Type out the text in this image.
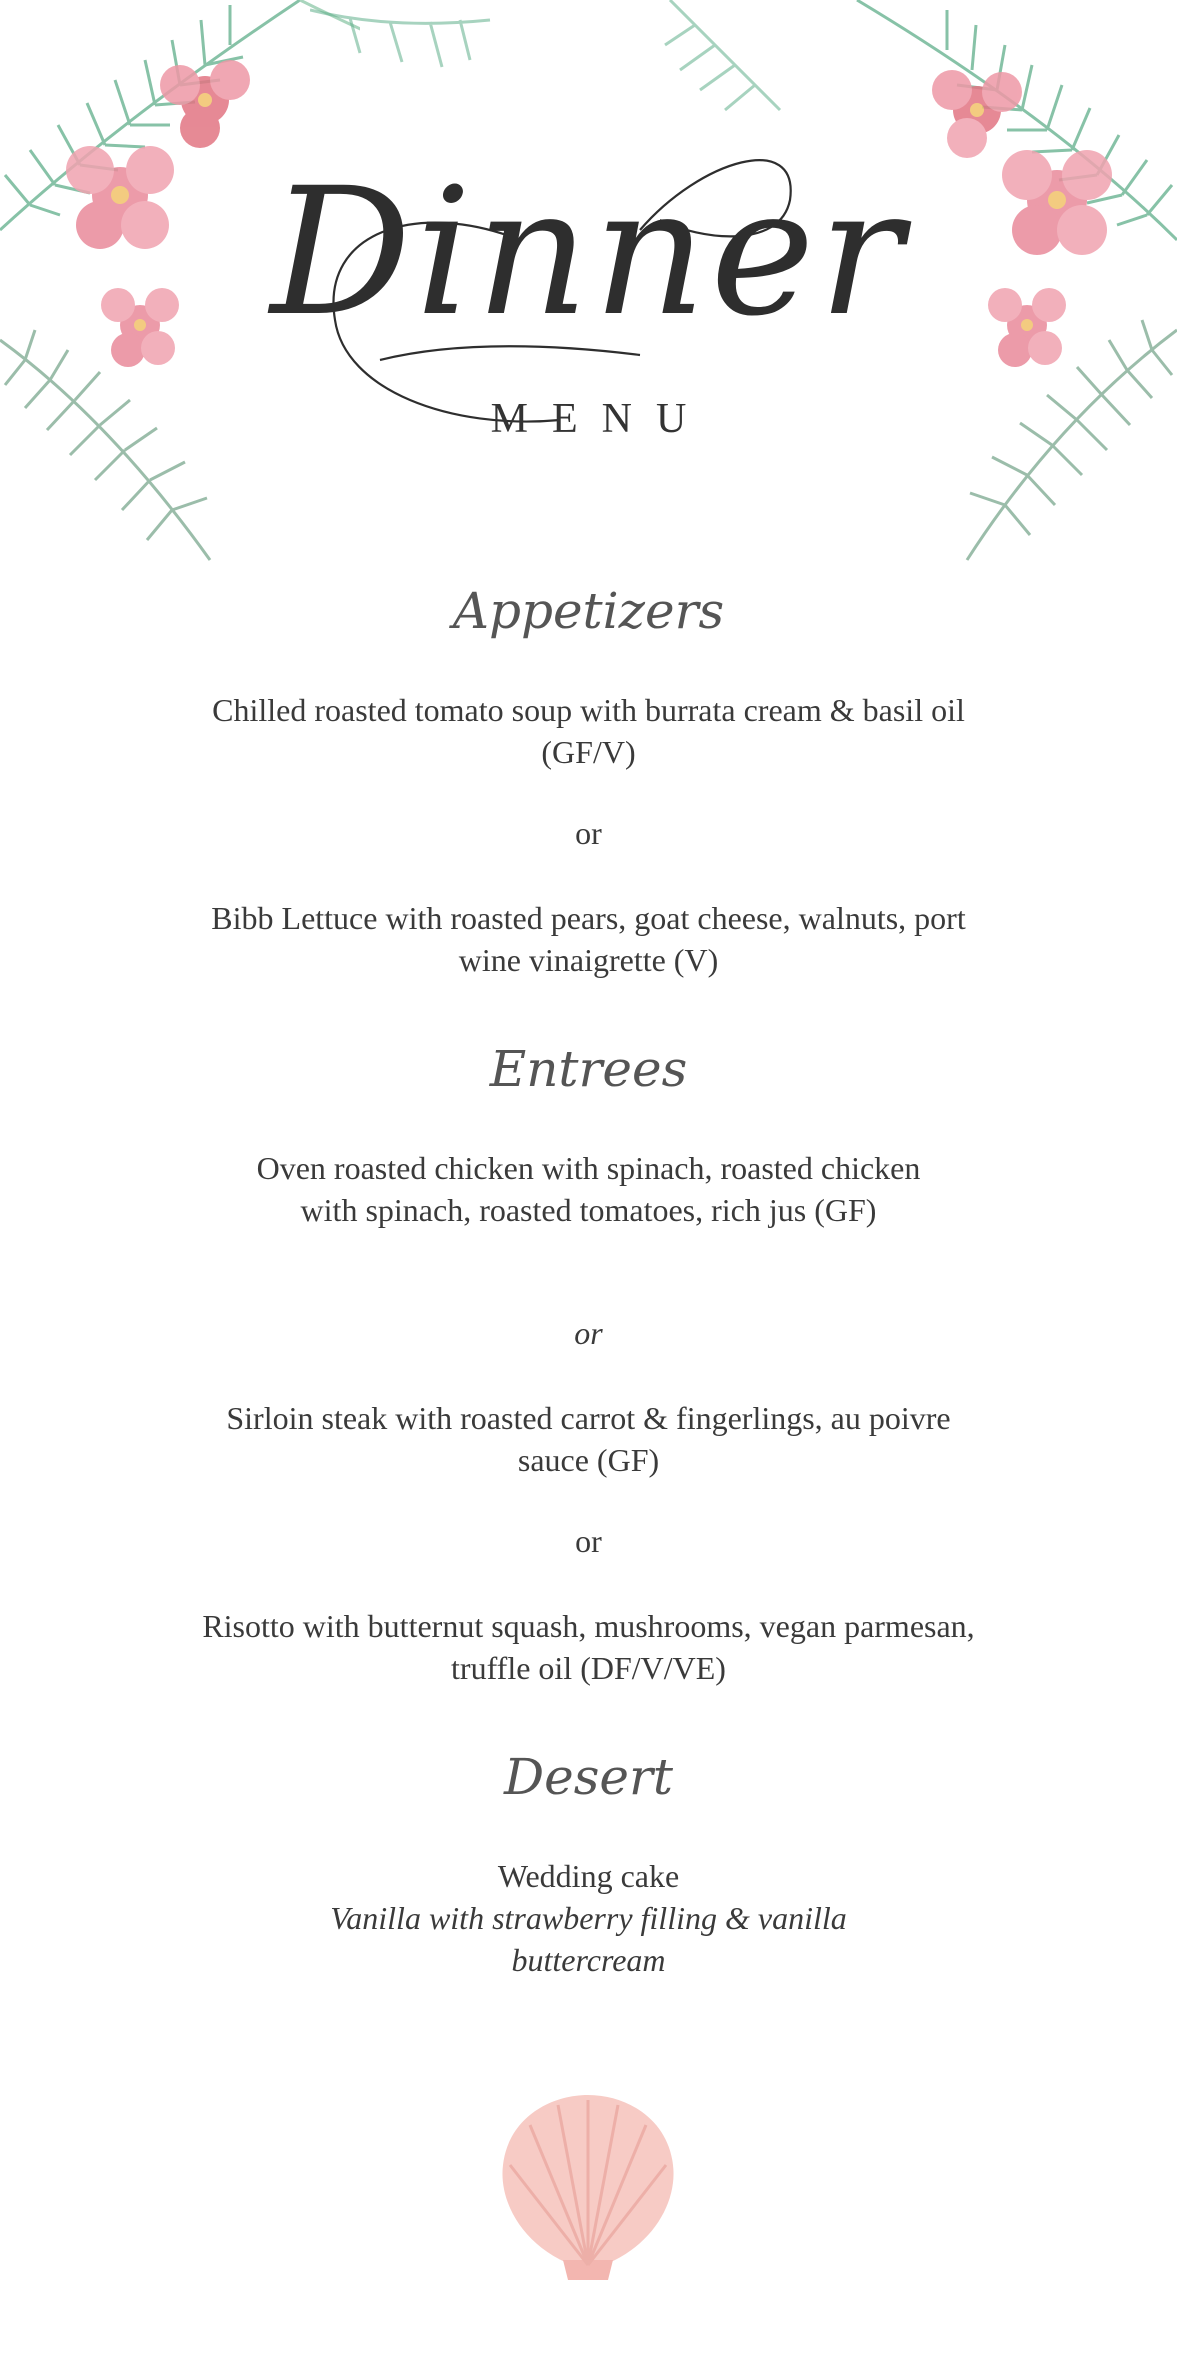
Dinner
MENU
Appetizers
Chilled roasted tomato soup with burrata cream & basil oil (GF/V)
or
Bibb Lettuce with roasted pears, goat cheese, walnuts, port wine vinaigrette (V)
Entrees
Oven roasted chicken with spinach, roasted chicken with spinach, roasted tomatoes, rich jus (GF)
or
Sirloin steak with roasted carrot & fingerlings, au poivre sauce (GF)
or
Risotto with butternut squash, mushrooms, vegan parmesan, truffle oil (DF/V/VE)
Desert
Wedding cake
Vanilla with strawberry filling & vanilla buttercream
